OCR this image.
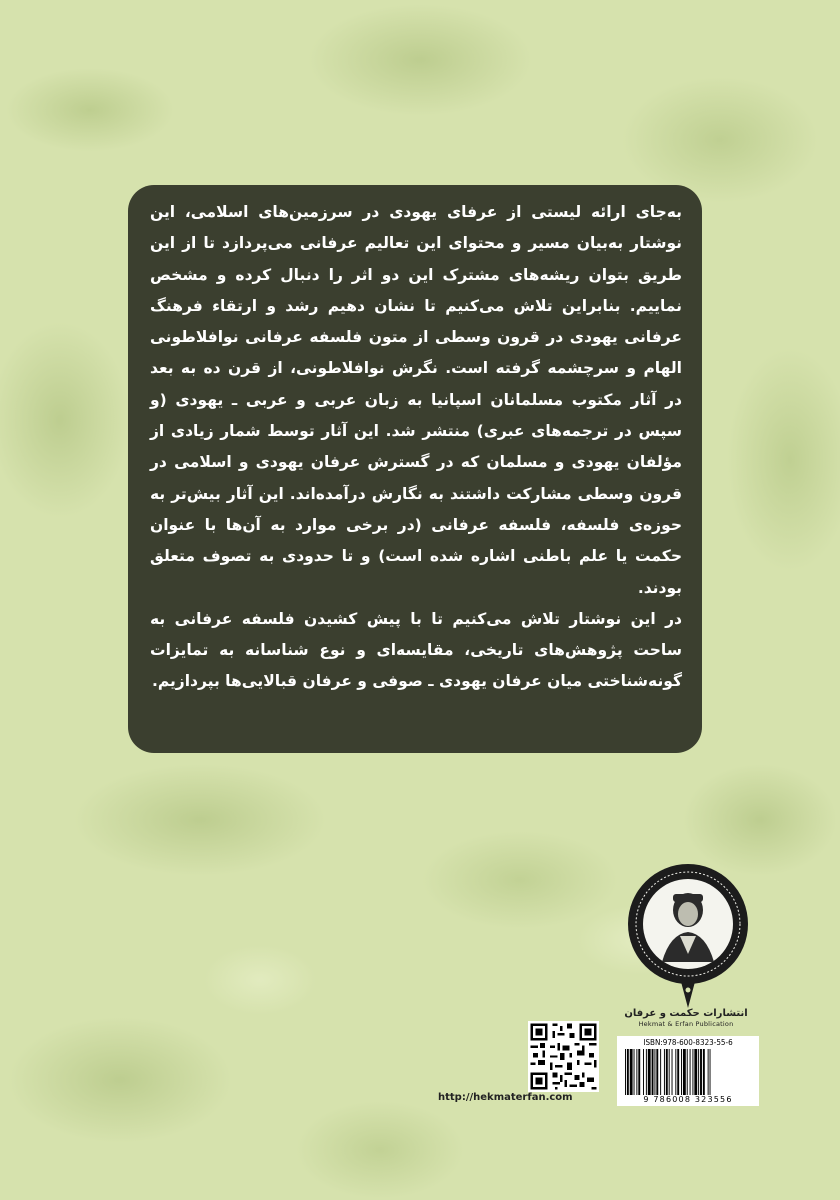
به‌جای ارائه لیستی از عرفای یهودی در سرزمین‌های اسلامی، این نوشتار به‌بیان مسیر و محتوای این تعالیم عرفانی می‌پردازد تا از این طریق بتوان ریشه‌های مشترک این دو اثر را دنبال کرده و مشخص نماییم. بنابراین تلاش می‌کنیم تا نشان دهیم رشد و ارتقاء فرهنگ عرفانی یهودی در قرون وسطی از متون فلسفه عرفانی نوافلاطونی الهام و سرچشمه گرفته است. نگرش نوافلاطونی، از قرن ده به بعد در آثار مکتوب مسلمانان اسپانیا به زبان عربی و عربی ـ یهودی (و سپس در ترجمه‌های عبری) منتشر شد. این آثار توسط شمار زیادی از مؤلفان یهودی و مسلمان که در گسترش عرفان یهودی و اسلامی در قرون وسطی مشارکت داشتند به نگارش درآمده‌اند. این آثار بیش‌تر به حوزه‌ی فلسفه، فلسفه عرفانی (در برخی موارد به آن‌ها با عنوان حکمت یا علم باطنی اشاره شده است) و تا حدودی به تصوف متعلق بودند.

در این نوشتار تلاش می‌کنیم تا با پیش کشیدن فلسفه عرفانی به ساحت پژوهش‌های تاریخی، مقایسه‌ای و نوع شناسانه به تمایزات گونه‌شناختی میان عرفان یهودی ـ صوفی و عرفان قبالایی‌ها بپردازیم.

انتشارات حکمت و عرفان
Hekmat & Erfan Publication
ISBN:978-600-8323-55-6
9 786008 323556
http://hekmaterfan.com
